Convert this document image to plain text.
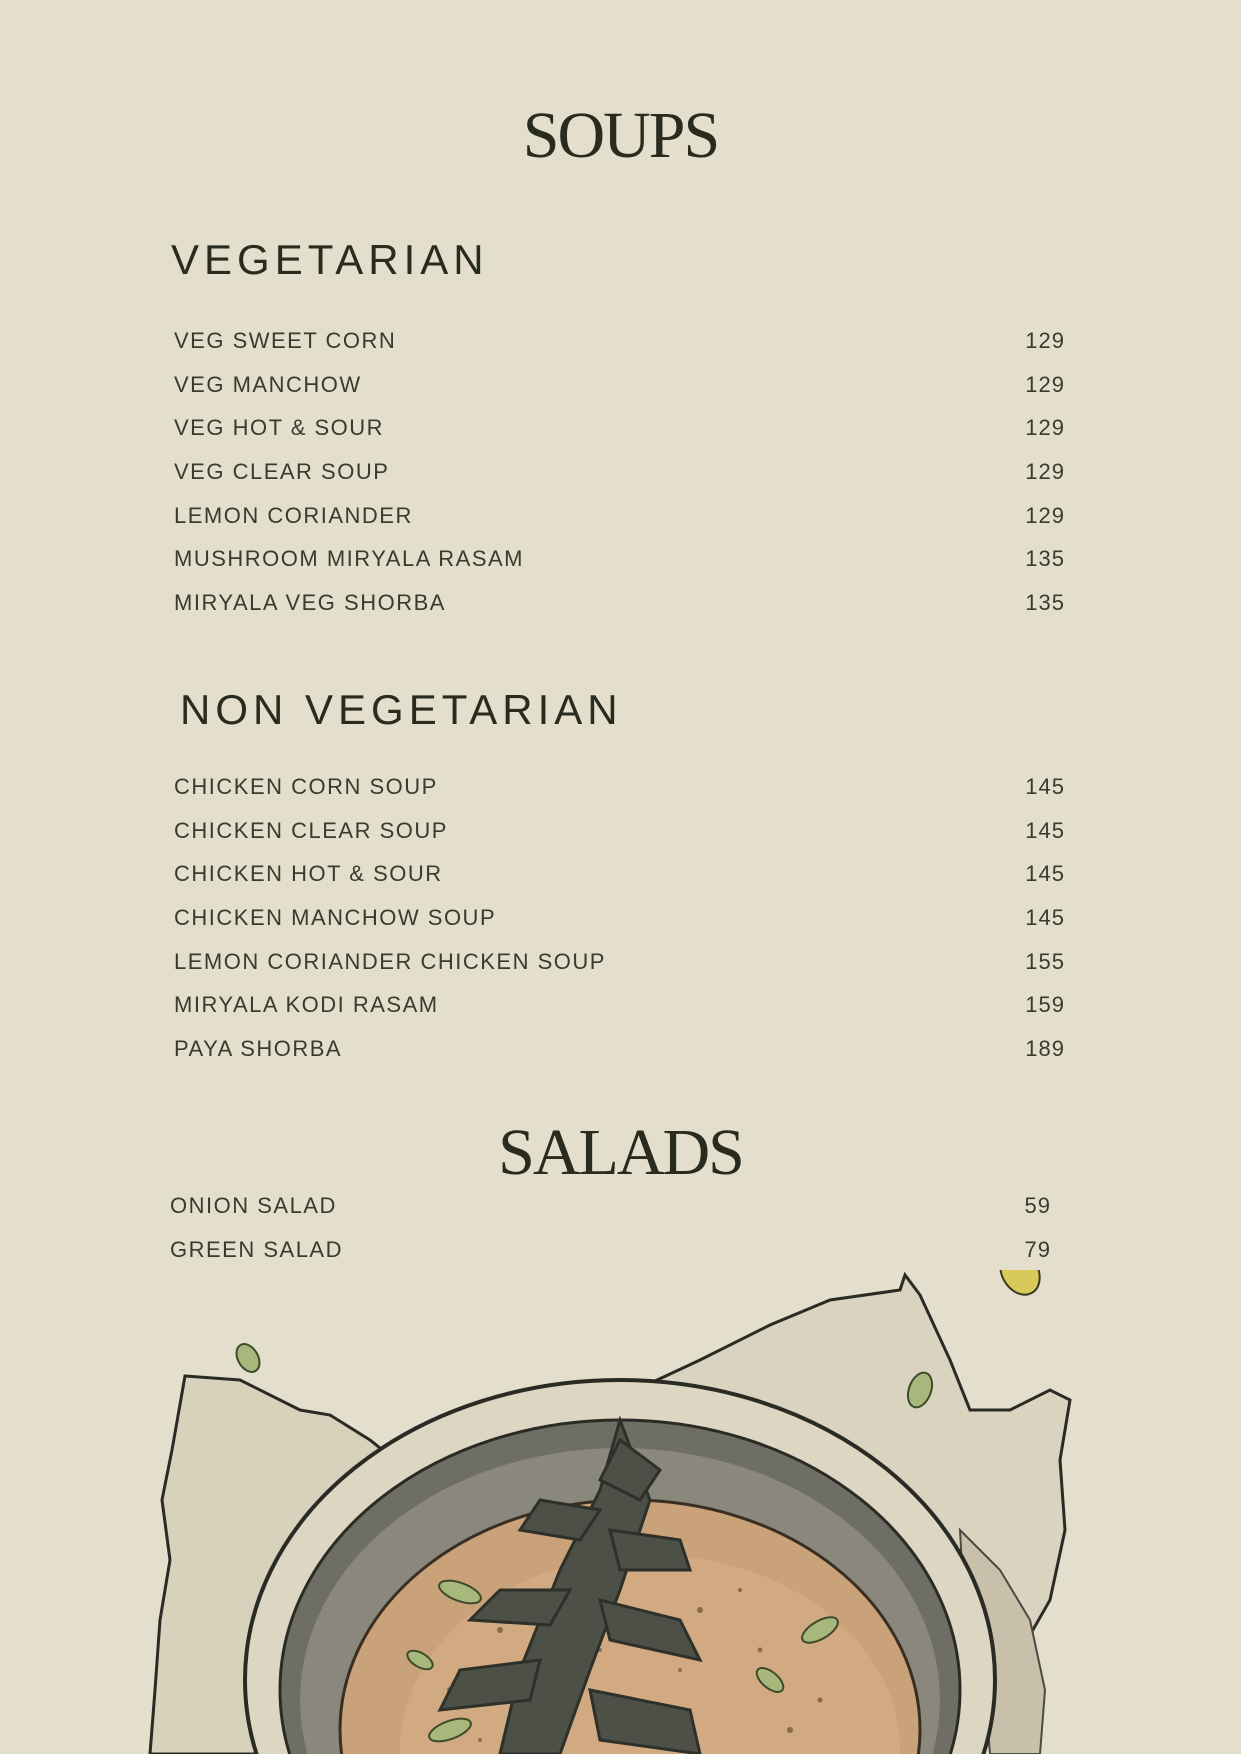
SOUPS
VEGETARIAN
VEG SWEET CORN	129
VEG MANCHOW	129
VEG HOT & SOUR	129
VEG CLEAR SOUP	129
LEMON CORIANDER	129
MUSHROOM MIRYALA RASAM	135
MIRYALA VEG SHORBA	135
NON VEGETARIAN
CHICKEN CORN SOUP	145
CHICKEN CLEAR SOUP	145
CHICKEN HOT & SOUR	145
CHICKEN MANCHOW SOUP	145
LEMON CORIANDER CHICKEN SOUP	155
MIRYALA KODI RASAM	159
PAYA SHORBA	189
SALADS
ONION SALAD	59
GREEN SALAD	79
